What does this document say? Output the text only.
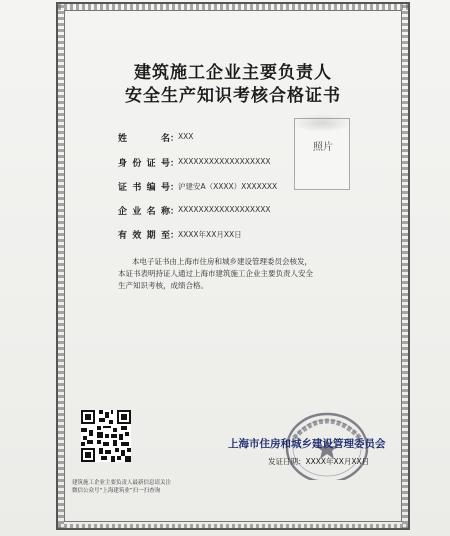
建筑施工企业主要负责人
安全生产知识考核合格证书
姓名 ：
XXX
身份证号 ：
XXXXXXXXXXXXXXXXXX
证书编号 ：
沪建安A（XXXX）XXXXXXX
企业名称 ：
XXXXXXXXXXXXXXXXXX
有效期至 ：
XXXX年XX月XX日
照片
本电子证书由上海市住房和城乡建设管理委员会核发，
本证书表明持证人通过上海市建筑施工企业主要负责人安全
生产知识考核，成绩合格。
建筑施工企业主要负责人最新信息请关注
微信公众号“上海建筑业”扫一扫查询
上海市住房和城乡建设管理委员会
发证日期：XXXX年XX月XX日
